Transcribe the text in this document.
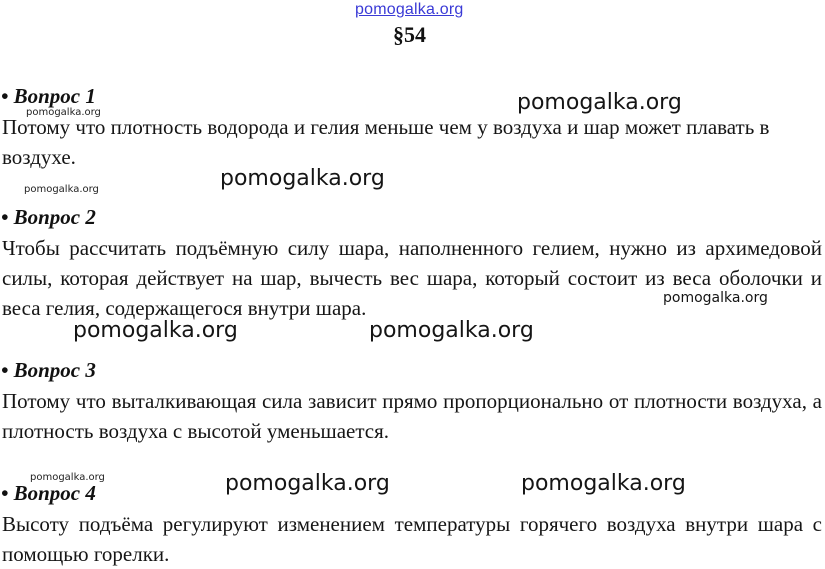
pomogalka.org
§54
• Вопрос 1
Потому что плотность водорода и гелия меньше чем у воздуха и шар может плавать в воздухе.
• Вопрос 2
Чтобы рассчитать подъёмную силу шара, наполненного гелием, нужно из архимедовой силы, которая действует на шар, вычесть вес шара, который состоит из веса оболочки и веса гелия, содержащегося внутри шара.
• Вопрос 3
Потому что выталкивающая сила зависит прямо пропорционально от плотности воздуха, а плотность воздуха с высотой уменьшается.
• Вопрос 4
Высоту подъёма регулируют изменением температуры горячего воздуха внутри шара с помощью горелки.
pomogalka.org
pomogalka.org
pomogalka.org	pomogalka.org
pomogalka.org
pomogalka.org	pomogalka.org
pomogalka.org	pomogalka.org	pomogalka.org
